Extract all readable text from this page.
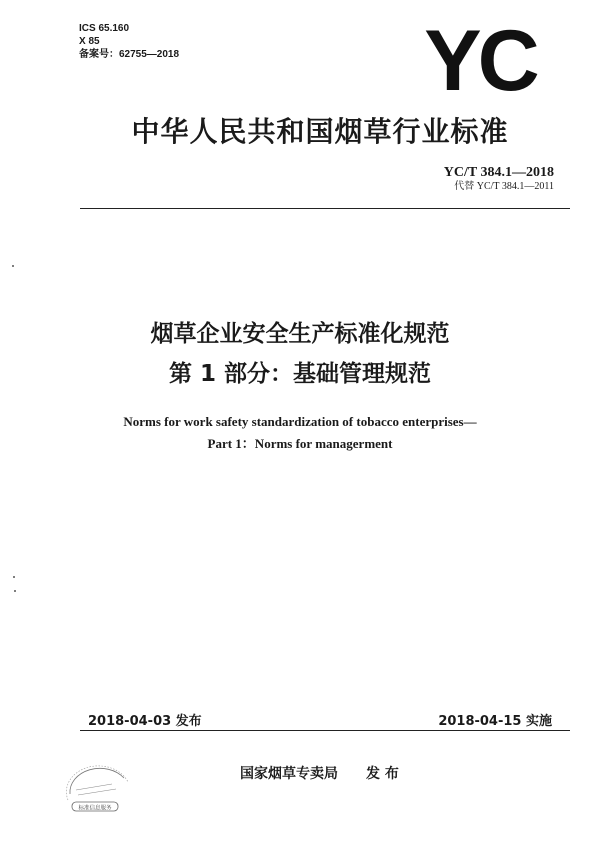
ICS 65.160
X 85
备案号：62755—2018	YC
中华人民共和国烟草行业标准
YC/T 384.1—2018
代替 YC/T 384.1—2011
烟草企业安全生产标准化规范
第 1 部分：基础管理规范
Norms for work safety standardization of tobacco enterprises—
Part 1：Norms for managerment
2018-04-03 发布	2018-04-15 实施
国家烟草专卖局 发 布
标准信息服务
